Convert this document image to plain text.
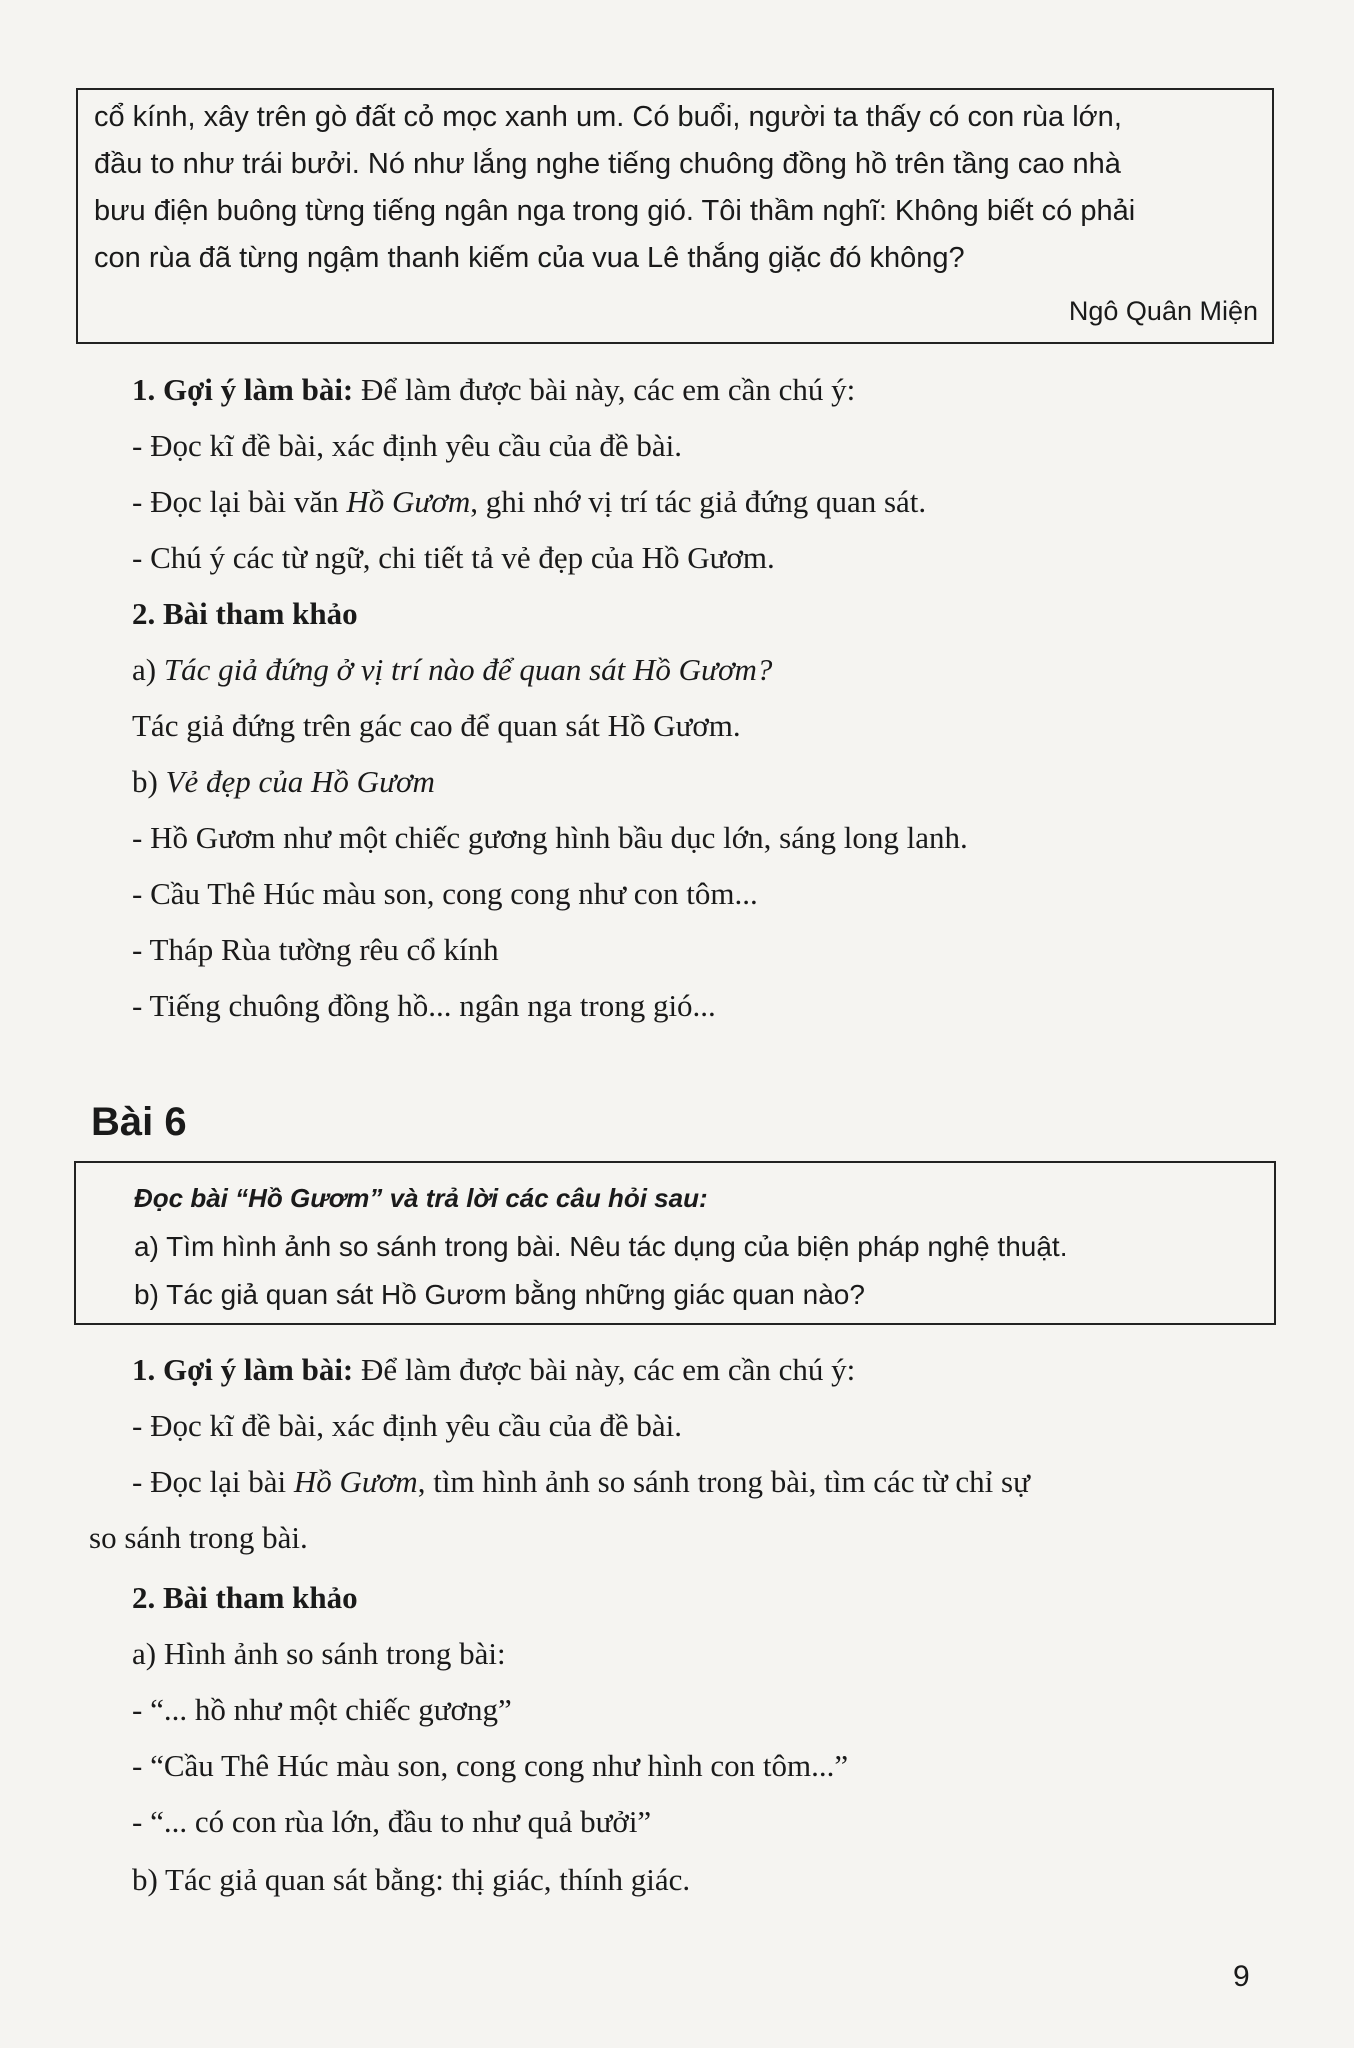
cổ kính, xây trên gò đất cỏ mọc xanh um. Có buổi, người ta thấy có con rùa lớn,
đầu to như trái bưởi. Nó như lắng nghe tiếng chuông đồng hồ trên tầng cao nhà
bưu điện buông từng tiếng ngân nga trong gió. Tôi thầm nghĩ: Không biết có phải
con rùa đã từng ngậm thanh kiếm của vua Lê thắng giặc đó không?
Ngô Quân Miện
1. Gợi ý làm bài: Để làm được bài này, các em cần chú ý:
- Đọc kĩ đề bài, xác định yêu cầu của đề bài.
- Đọc lại bài văn Hồ Gươm, ghi nhớ vị trí tác giả đứng quan sát.
- Chú ý các từ ngữ, chi tiết tả vẻ đẹp của Hồ Gươm.
2. Bài tham khảo
a) Tác giả đứng ở vị trí nào để quan sát Hồ Gươm?
Tác giả đứng trên gác cao để quan sát Hồ Gươm.
b) Vẻ đẹp của Hồ Gươm
- Hồ Gươm như một chiếc gương hình bầu dục lớn, sáng long lanh.
- Cầu Thê Húc màu son, cong cong như con tôm...
- Tháp Rùa tường rêu cổ kính
- Tiếng chuông đồng hồ... ngân nga trong gió...
Bài 6
Đọc bài “Hồ Gươm” và trả lời các câu hỏi sau:
a) Tìm hình ảnh so sánh trong bài. Nêu tác dụng của biện pháp nghệ thuật.
b) Tác giả quan sát Hồ Gươm bằng những giác quan nào?
1. Gợi ý làm bài: Để làm được bài này, các em cần chú ý:
- Đọc kĩ đề bài, xác định yêu cầu của đề bài.
- Đọc lại bài Hồ Gươm, tìm hình ảnh so sánh trong bài, tìm các từ chỉ sự
so sánh trong bài.
2. Bài tham khảo
a) Hình ảnh so sánh trong bài:
- “... hồ như một chiếc gương”
- “Cầu Thê Húc màu son, cong cong như hình con tôm...”
- “... có con rùa lớn, đầu to như quả bưởi”
b) Tác giả quan sát bằng: thị giác, thính giác.
9
